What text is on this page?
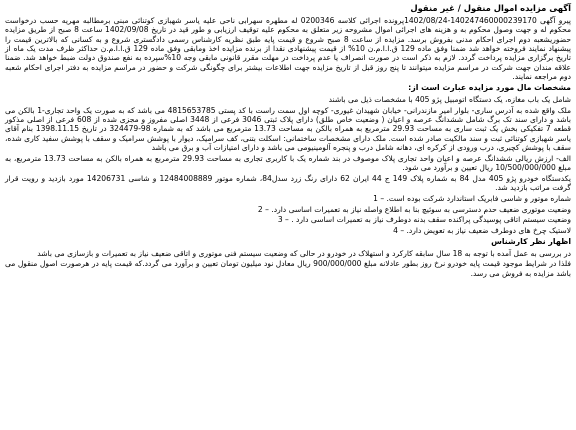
آگهی مزایده اموال منقول / غیر منقول
پیرو آگهی 140247460000239170-1402/08/24پرونده اجرائی کلاسه 0200346 له مطهره سهرابی ناحی علیه یاسر شهبازی کوتنائی مبنی برمطالبه مهریه حسب درخواست محکوم له و جهت وصول محکوم به و هزینه های اجرائی اموال مشروحه زیر متعلق به محکوم علیه توقیف ارزیابی و طور قید در تاریخ 1402/09/08 ساعت 8 صبح از طریق مزایده حضوریشعبه دوم اجرای احکام مدنی بفروش برسد. مزایده از ساعت 8 صبح شروع و قیمت پایه طبق نظریه کارشناس رسمی دادگستری شروع و به کسانی که بالاترین قیمت را پیشنهاد نمایند فروخته خواهد شد ضمنا وفق ماده 129 ق.ا.ا.م.ن 10% از قیمت پیشنهادی نقدا از برنده مزایده اخذ ومابقی وفق ماده 129 ق.ا.ا.م.ن حداکثر ظرف مدت یک ماه از تاریخ برگزاری مزایده پرداخت گردد. لازم به ذکر است در صورت انصراف یا عدم پرداخت در مهلت مقرر قانونی مابقی وجه 10%سپرده به نفع صندوق دولت ضبط خواهد شد. ضمنا علاقه مندان جهت شرکت در مراسم مزایده میتوانند تا پنج روز قبل از تاریخ مزایده جهت اطلاعات بیشتر برای چگونگی شرکت و حضور در مراسم مزایده به دفتر اجرای احکام شعبه دوم مراجعه نمایند.
مشخصات مال مورد مزایده عبارت است از:
شامل یک باب مغازه، یک دستگاه اتومبیل پژو 405 با مشخصات ذیل می باشند
ملک واقع شده به آدرس ساری- بلوار امیر مازندرانی- خیابان شهیدان غیوری- کوچه اول سمت راست با کد پستی 4815653785 می باشد که به صورت یک واحد تجاری-1 بالکن می باشد و دارای سند تک برگ شامل ششدانگ عرصه و اعیان ( وضعیت خاص طلق) دارای پلاک ثبتی 3046 فرعی از 3448 اصلی مفروز و مجزی شده از 608 فرعی از اصلی مذکور قطعه 7 تفکیکی بخش یک ثبت ساری به مساحت 29.93 مترمربع به همراه بالکن به مساحت 13.73 مترمربع می باشد که به شماره 98-324479 در تاریخ 1398.11.15 بنام آقای یاسر شهبازی کوتنائی ثبت و سند مالکیت صادر شده است. ملک دارای مشخصات ساختمانی: اسکلت بتنی، کف سرامیک، دیوار با پوشش سرامیک و سقف با پوشش سفید کاری شده، سقف با پوشش کچبری، درب ورودی از کرکره ای، دهانه شامل درب و پنجره آلومینیومی می باشد و دارای امتیازات آب و برق می باشد
الف- ارزش ریالی ششدانگ عرصه و اعیان واحد تجاری پلاک موصوف در بند شماره یک با کاربری تجاری به مساحت 29.93 مترمربع به همراه بالکن به مساحت 13.73 مترمربع، به مبلغ 10/500/000/000 ریال تعیین و برآورد می شود.
یکدستگاه خودرو پژو 405 مدل 84 به شماره پلاک 149 ج 44 ایران 62 دارای رنگ زرد سدل84، شماره موتور 12484008889 و شاسی 14206731 مورد بازدید و رویت قرار گرفت مراتب بازدید شد.
شماره موتور و شاسی فابریک استاندارد شرکت بوده است. – 1
وضعیت موتوری ضعیف حدم دسترسی به سوئیچ بنا به اطلاع واصله نیاز به تعمیرات اساسی دارد. – 2
وضعیت سیستم اتاقی پوسیدگی پراکنده سقف بدنه دوطرف نیاز به تعمیرات اساسی دارد . – 3
لاستیک چرخ های دوطرف ضعیف نیاز به تعویض دارد. – 4
اظهار نظر کارشناس
در بررسی به عمل آمده با توجه به 18 سال سابقه کارکرد و استهلاک در خودرو در حالی که وضعیت سیستم فنی موتوری و اتاقی ضعیف نیاز به تعمیرات و بازسازی می باشد
فلذا در شرایط موجود قیمت پایه خودرو نرخ روز بطور عادلانه مبلغ 900/000/000 ریال معادل نود میلیون تومان تعیین و برآورد می گردد.که قیمت پایه در هرصورت اصول منقول می باشد مزایده به فروش می رسد.
